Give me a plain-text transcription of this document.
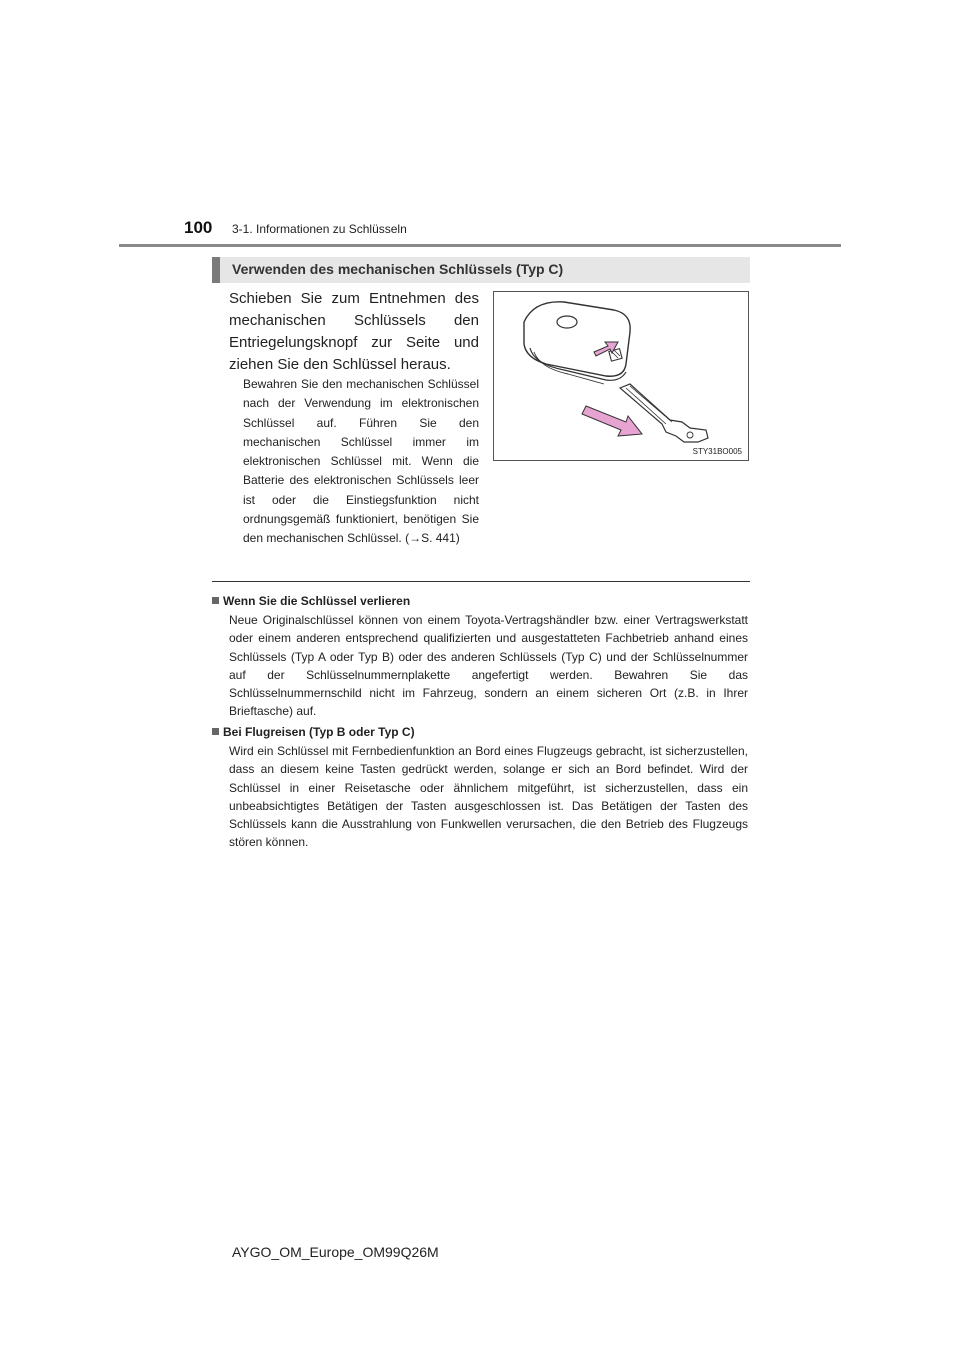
100 3-1. Informationen zu Schlüsseln
Verwenden des mechanischen Schlüssels (Typ C)
Schieben Sie zum Entnehmen des mechanischen Schlüssels den Entriegelungsknopf zur Seite und ziehen Sie den Schlüssel heraus.
Bewahren Sie den mechanischen Schlüssel nach der Verwendung im elektronischen Schlüssel auf. Führen Sie den mechanischen Schlüssel immer im elektronischen Schlüssel mit. Wenn die Batterie des elektronischen Schlüssels leer ist oder die Einstiegsfunktion nicht ordnungsgemäß funktioniert, benötigen Sie den mechanischen Schlüssel. (→S. 441)
STY31BO005
Wenn Sie die Schlüssel verlieren
Neue Originalschlüssel können von einem Toyota-Vertragshändler bzw. einer Vertragswerkstatt oder einem anderen entsprechend qualifizierten und ausgestatteten Fachbetrieb anhand eines Schlüssels (Typ A oder Typ B) oder des anderen Schlüssels (Typ C) und der Schlüsselnummer auf der Schlüsselnummernplakette angefertigt werden. Bewahren Sie das Schlüsselnummernschild nicht im Fahrzeug, sondern an einem sicheren Ort (z.B. in Ihrer Brieftasche) auf.
Bei Flugreisen (Typ B oder Typ C)
Wird ein Schlüssel mit Fernbedienfunktion an Bord eines Flugzeugs gebracht, ist sicherzustellen, dass an diesem keine Tasten gedrückt werden, solange er sich an Bord befindet. Wird der Schlüssel in einer Reisetasche oder ähnlichem mitgeführt, ist sicherzustellen, dass ein unbeabsichtigtes Betätigen der Tasten ausgeschlossen ist. Das Betätigen der Tasten des Schlüssels kann die Ausstrahlung von Funkwellen verursachen, die den Betrieb des Flugzeugs stören können.
AYGO_OM_Europe_OM99Q26M
